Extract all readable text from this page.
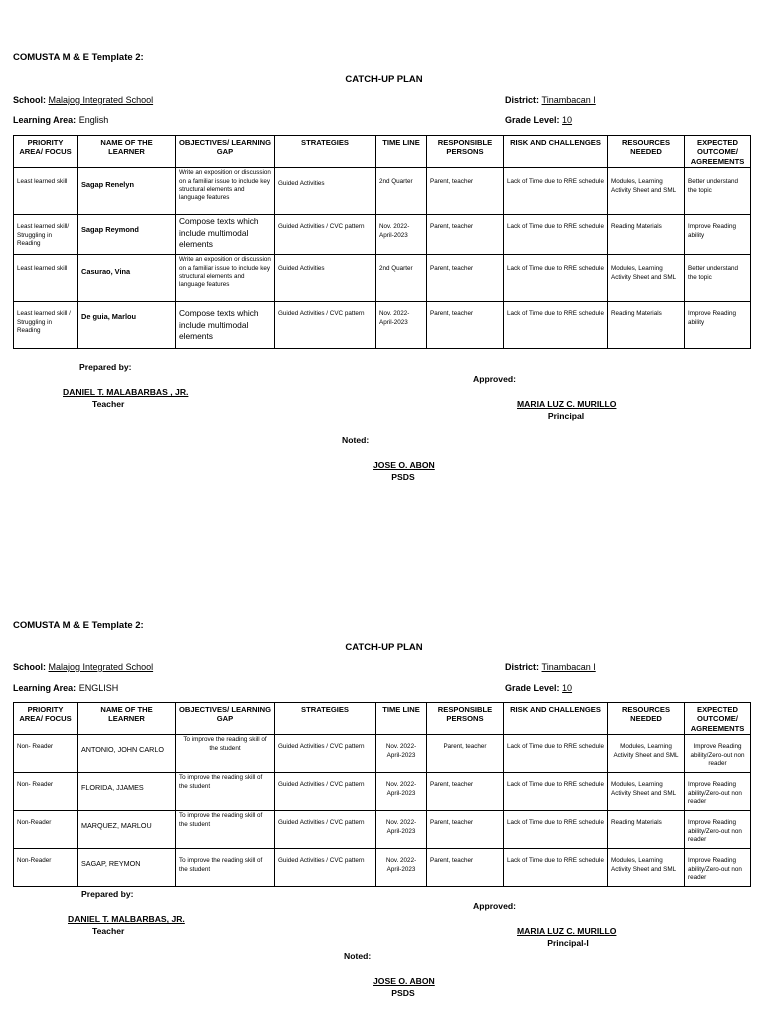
COMUSTA M & E Template 2:
CATCH-UP PLAN
School: Malajog Integrated School	District: Tinambacan I
Learning Area: English	Grade Level: 10
PRIORITY AREA/ FOCUS	NAME OF THE LEARNER	OBJECTIVES/ LEARNING GAP	STRATEGIES	TIME LINE	RESPONSIBLE PERSONS	RISK AND CHALLENGES	RESOURCES NEEDED	EXPECTED OUTCOME/ AGREEMENTS
Least learned skill	Sagap Renelyn	Write an exposition or discussion on a familiar issue to include key structural elements and language features	Guided Activities	2nd Quarter	Parent, teacher	Lack of Time due to RRE schedule	Modules, Learning Activity Sheet and SML	Better understand the topic
Least learned skill/ Struggling in Reading	Sagap Reymond	Compose texts which include multimodal elements	Guided Activities / CVC pattern	Nov. 2022- April-2023	Parent, teacher	Lack of Time due to RRE schedule	Reading Materials	Improve Reading ability
Least learned skill	Casurao, Vina	Write an exposition or discussion on a familiar issue to include key structural elements and language features	Guided Activities	2nd Quarter	Parent, teacher	Lack of Time due to RRE schedule	Modules, Learning Activity Sheet and SML	Better understand the topic
Least learned skill / Struggling in Reading	De guia, Marlou	Compose texts which include multimodal elements	Guided Activities / CVC pattern	Nov. 2022- April-2023	Parent, teacher	Lack of Time due to RRE schedule	Reading Materials	Improve Reading ability
Prepared by:
DANIEL T. MALABARBAS , JR.
Teacher
Approved:
MARIA LUZ C. MURILLO
Principal
Noted:
JOSE O. ABON
PSDS
COMUSTA M & E Template 2:
CATCH-UP PLAN
School: Malajog Integrated School	District: Tinambacan I
Learning Area: ENGLISH	Grade Level: 10
PRIORITY AREA/ FOCUS	NAME OF THE LEARNER	OBJECTIVES/ LEARNING GAP	STRATEGIES	TIME LINE	RESPONSIBLE PERSONS	RISK AND CHALLENGES	RESOURCES NEEDED	EXPECTED OUTCOME/ AGREEMENTS
Non- Reader	ANTONIO, JOHN CARLO	To improve the reading skill of the student	Guided Activities / CVC pattern	Nov. 2022- April-2023	Parent, teacher	Lack of Time due to RRE schedule	Modules, Learning Activity Sheet and SML	Improve Reading ability/Zero-out non reader
Non- Reader	FLORIDA, JJAMES	To improve the reading skill of the student	Guided Activities / CVC pattern	Nov. 2022- April-2023	Parent, teacher	Lack of Time due to RRE schedule	Modules, Learning Activity Sheet and SML	Improve Reading ability/Zero-out non reader
Non-Reader	MARQUEZ, MARLOU	To improve the reading skill of the student	Guided Activities / CVC pattern	Nov. 2022- April-2023	Parent, teacher	Lack of Time due to RRE schedule	Reading Materials	Improve Reading ability/Zero-out non reader
Non-Reader	SAGAP, REYMON	To improve the reading skill of the student	Guided Activities / CVC pattern	Nov. 2022- April-2023	Parent, teacher	Lack of Time due to RRE schedule	Modules, Learning Activity Sheet and SML	Improve Reading ability/Zero-out non reader
Prepared by:
DANIEL T. MALBARBAS, JR.
Teacher
Approved:
MARIA LUZ C. MURILLO
Principal-I
Noted:
JOSE O. ABON
PSDS
